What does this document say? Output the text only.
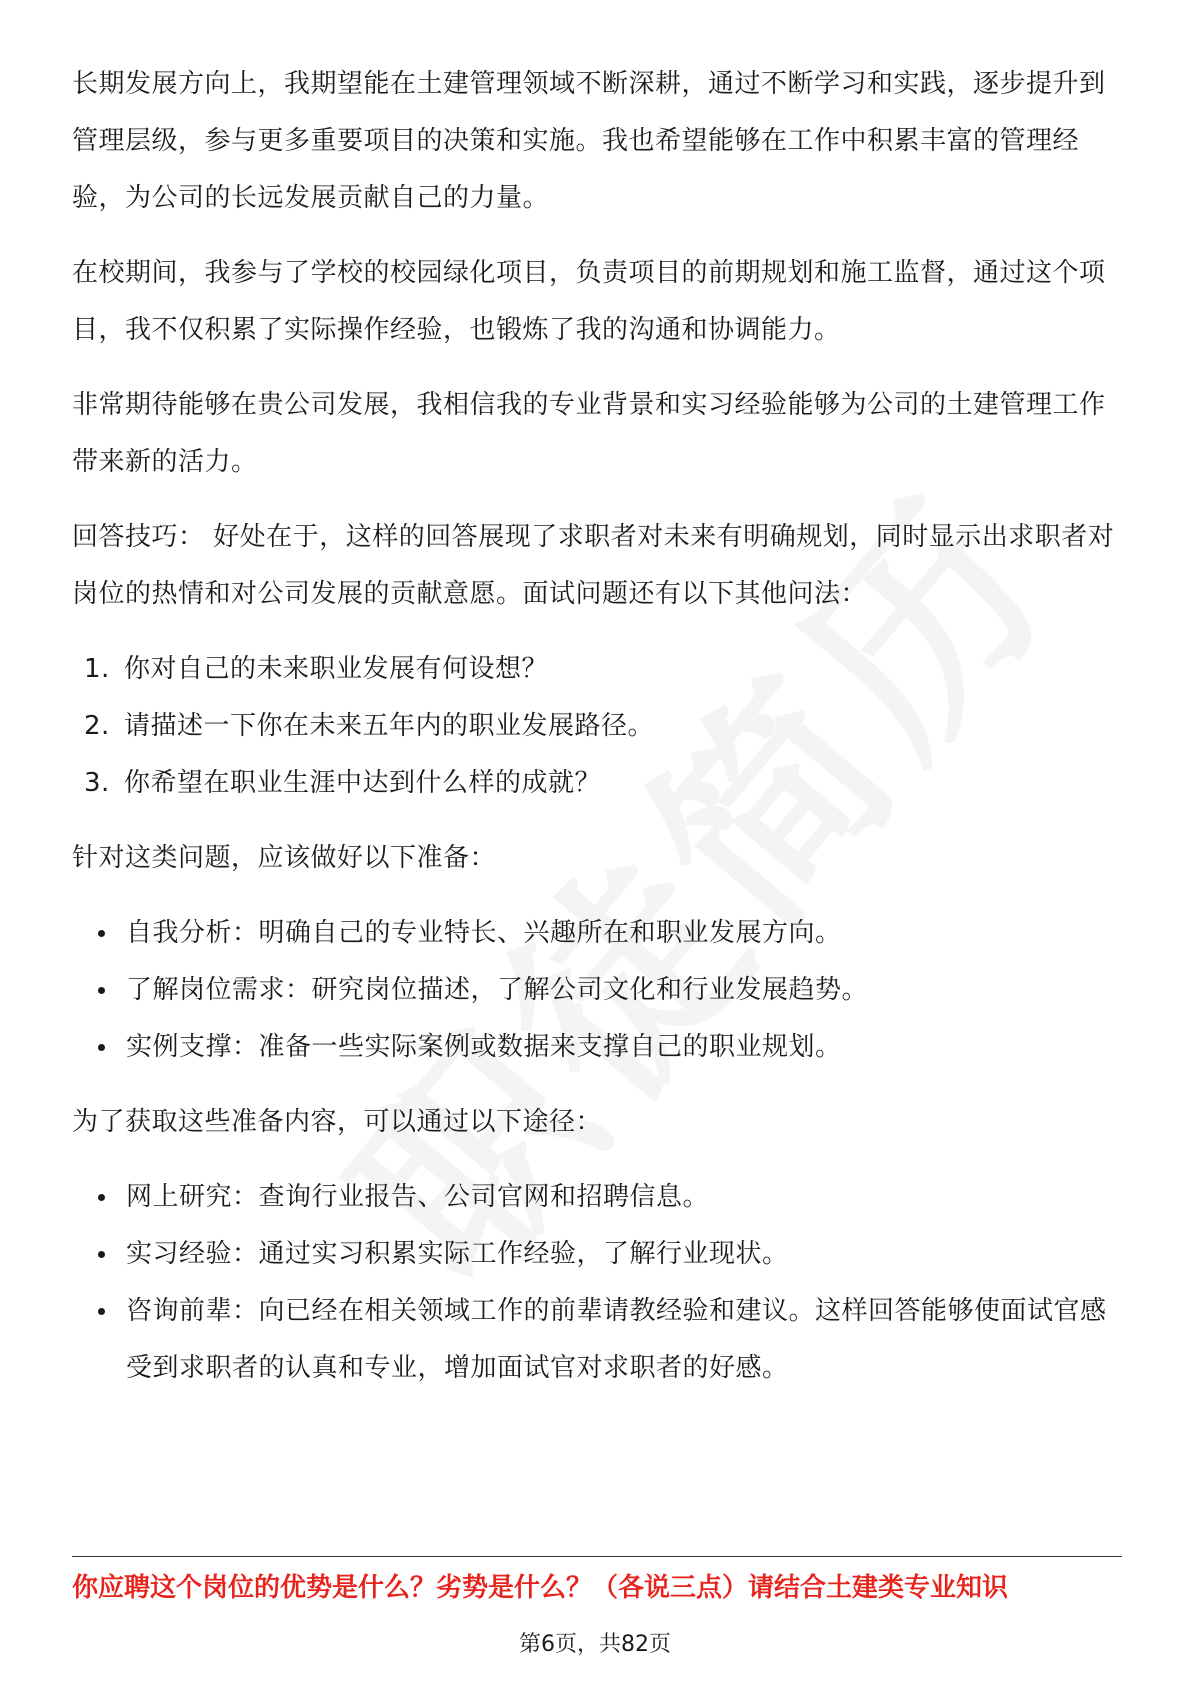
长期发展方向上，我期望能在土建管理领域不断深耕，通过不断学习和实践，逐步提升到管理层级，参与更多重要项目的决策和实施。我也希望能够在工作中积累丰富的管理经验，为公司的长远发展贡献自己的力量。

在校期间，我参与了学校的校园绿化项目，负责项目的前期规划和施工监督，通过这个项目，我不仅积累了实际操作经验，也锻炼了我的沟通和协调能力。

非常期待能够在贵公司发展，我相信我的专业背景和实习经验能够为公司的土建管理工作带来新的活力。

回答技巧： 好处在于，这样的回答展现了求职者对未来有明确规划，同时显示出求职者对岗位的热情和对公司发展的贡献意愿。面试问题还有以下其他问法：

1. 你对自己的未来职业发展有何设想？
2. 请描述一下你在未来五年内的职业发展路径。
3. 你希望在职业生涯中达到什么样的成就？

针对这类问题，应该做好以下准备：

自我分析：明确自己的专业特长、兴趣所在和职业发展方向。
了解岗位需求：研究岗位描述，了解公司文化和行业发展趋势。
实例支撑：准备一些实际案例或数据来支撑自己的职业规划。

为了获取这些准备内容，可以通过以下途径：

网上研究：查询行业报告、公司官网和招聘信息。
实习经验：通过实习积累实际工作经验，了解行业现状。
咨询前辈：向已经在相关领域工作的前辈请教经验和建议。这样回答能够使面试官感受到求职者的认真和专业，增加面试官对求职者的好感。
你应聘这个岗位的优势是什么？劣势是什么？（各说三点）请结合土建类专业知识
第6页，共82页
